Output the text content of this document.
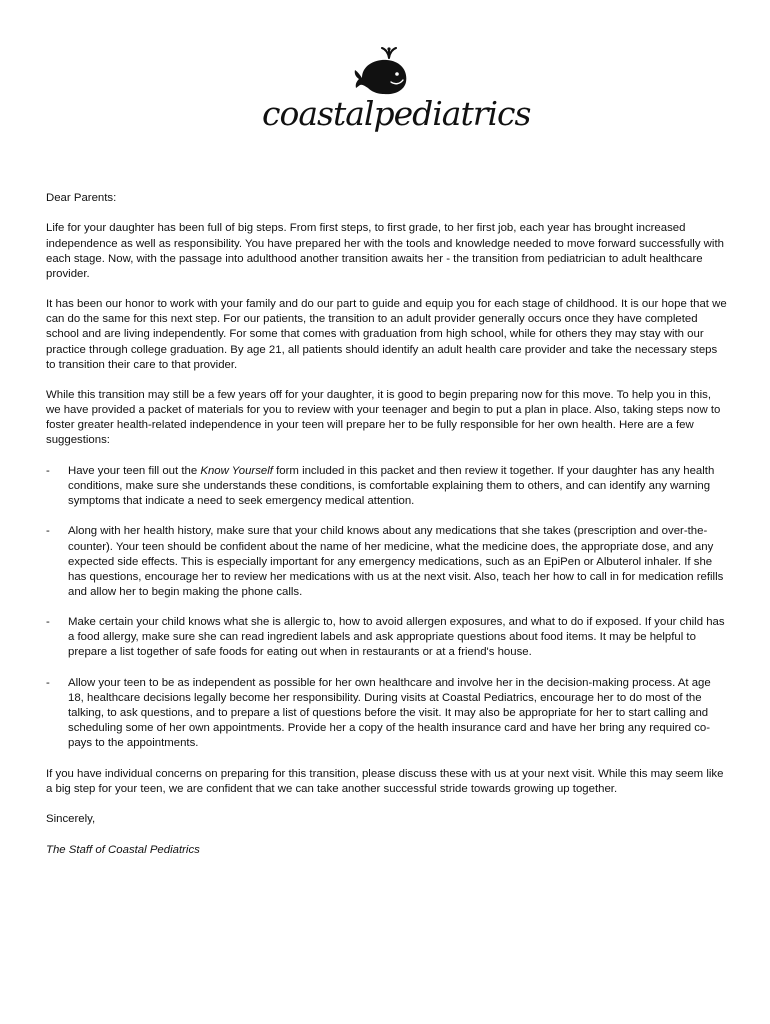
coastalpediatrics

Dear Parents:

Life for your daughter has been full of big steps. From first steps, to first grade, to her first job, each year has brought increased independence as well as responsibility. You have prepared her with the tools and knowledge needed to move forward successfully with each stage. Now, with the passage into adulthood another transition awaits her - the transition from pediatrician to adult healthcare provider.

It has been our honor to work with your family and do our part to guide and equip you for each stage of childhood. It is our hope that we can do the same for this next step. For our patients, the transition to an adult provider generally occurs once they have completed school and are living independently. For some that comes with graduation from high school, while for others they may stay with our practice through college graduation. By age 21, all patients should identify an adult health care provider and take the necessary steps to transition their care to that provider.

While this transition may still be a few years off for your daughter, it is good to begin preparing now for this move. To help you in this, we have provided a packet of materials for you to review with your teenager and begin to put a plan in place. Also, taking steps now to foster greater health-related independence in your teen will prepare her to be fully responsible for her own health. Here are a few suggestions:

- Have your teen fill out the Know Yourself form included in this packet and then review it together. If your daughter has any health conditions, make sure she understands these conditions, is comfortable explaining them to others, and can identify any warning symptoms that indicate a need to seek emergency medical attention.
- Along with her health history, make sure that your child knows about any medications that she takes (prescription and over-the-counter). Your teen should be confident about the name of her medicine, what the medicine does, the appropriate dose, and any expected side effects. This is especially important for any emergency medications, such as an EpiPen or Albuterol inhaler. If she has questions, encourage her to review her medications with us at the next visit. Also, teach her how to call in for medication refills and allow her to begin making the phone calls.
- Make certain your child knows what she is allergic to, how to avoid allergen exposures, and what to do if exposed. If your child has a food allergy, make sure she can read ingredient labels and ask appropriate questions about food items. It may be helpful to prepare a list together of safe foods for eating out when in restaurants or at a friend's house.
- Allow your teen to be as independent as possible for her own healthcare and involve her in the decision-making process. At age 18, healthcare decisions legally become her responsibility. During visits at Coastal Pediatrics, encourage her to do most of the talking, to ask questions, and to prepare a list of questions before the visit. It may also be appropriate for her to start calling and scheduling some of her own appointments. Provide her a copy of the health insurance card and have her bring any required co-pays to the appointments.

If you have individual concerns on preparing for this transition, please discuss these with us at your next visit. While this may seem like a big step for your teen, we are confident that we can take another successful stride towards growing up together.

Sincerely,

The Staff of Coastal Pediatrics
